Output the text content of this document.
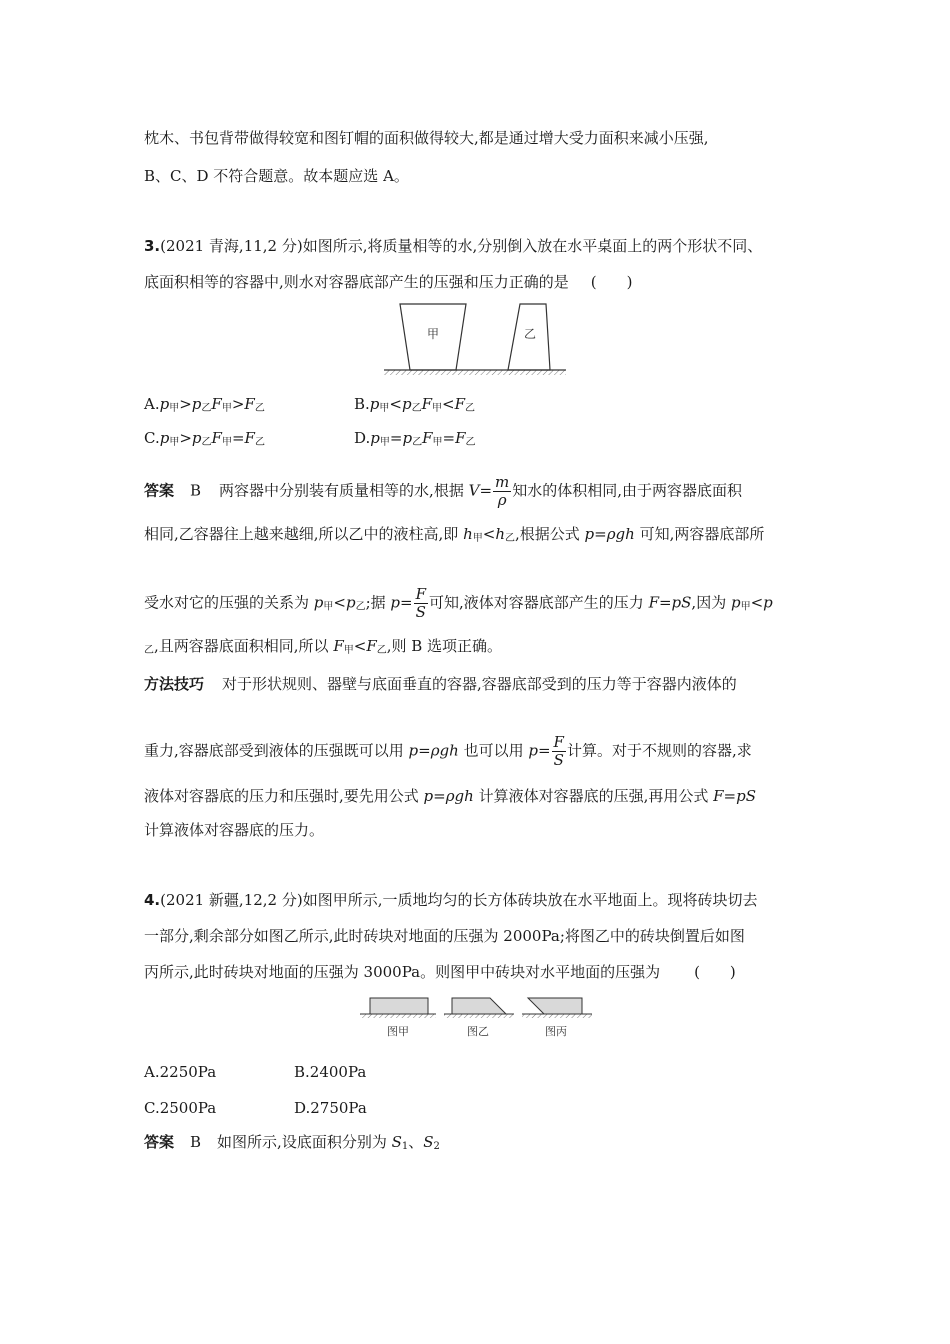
枕木、书包背带做得较宽和图钉帽的面积做得较大,都是通过增大受力面积来减小压强,
B、C、D 不符合题意。故本题应选 A。
3.(2021 青海,11,2 分)如图所示,将质量相等的水,分别倒入放在水平桌面上的两个形状不同、
底面积相等的容器中,则水对容器底部产生的压强和压力正确的是 (　　)
甲	乙
$A.p_甲>p_乙F_甲>F_乙$	$B.p_甲<p_乙F_甲<F_乙$
$C.p_甲>p_乙F_甲=F_乙$	$D.p_甲=p_乙F_甲=F_乙$
答案 B 两容器中分别装有质量相等的水,根据 $V= \frac{m}{\rho}$ 知水的体积相同,由于两容器底面积
相同,乙容器往上越来越细,所以乙中的液柱高,即 $h_甲<h_乙$,根据公式 p=ρgh 可知,两容器底部所
受水对它的压强的关系为 $p_甲<p_乙$;据 $p= \frac{F}{S}$ 可知,液体对容器底部产生的压力 F=pS,因为 $p_甲<p$
$_乙$,且两容器底面积相同,所以 $F_甲<F_乙$,则 B 选项正确。
方法技巧 对于形状规则、器壁与底面垂直的容器,容器底部受到的压力等于容器内液体的
重力,容器底部受到液体的压强既可以用 p=ρgh 也可以用 $p= \frac{F}{S}$ 计算。对于不规则的容器,求
液体对容器底的压力和压强时,要先用公式 p=ρgh 计算液体对容器底的压强,再用公式 F=pS
计算液体对容器底的压力。
4.(2021 新疆,12,2 分)如图甲所示,一质地均匀的长方体砖块放在水平地面上。现将砖块切去
一部分,剩余部分如图乙所示,此时砖块对地面的压强为 2000Pa;将图乙中的砖块倒置后如图
丙所示,此时砖块对地面的压强为 3000Pa。则图甲中砖块对水平地面的压强为 (　　)
图甲	图乙	图丙
A.2250Pa	B.2400Pa
C.2500Pa	D.2750Pa
答案 B 如图所示,设底面积分别为 $S_1$、$S_2$
